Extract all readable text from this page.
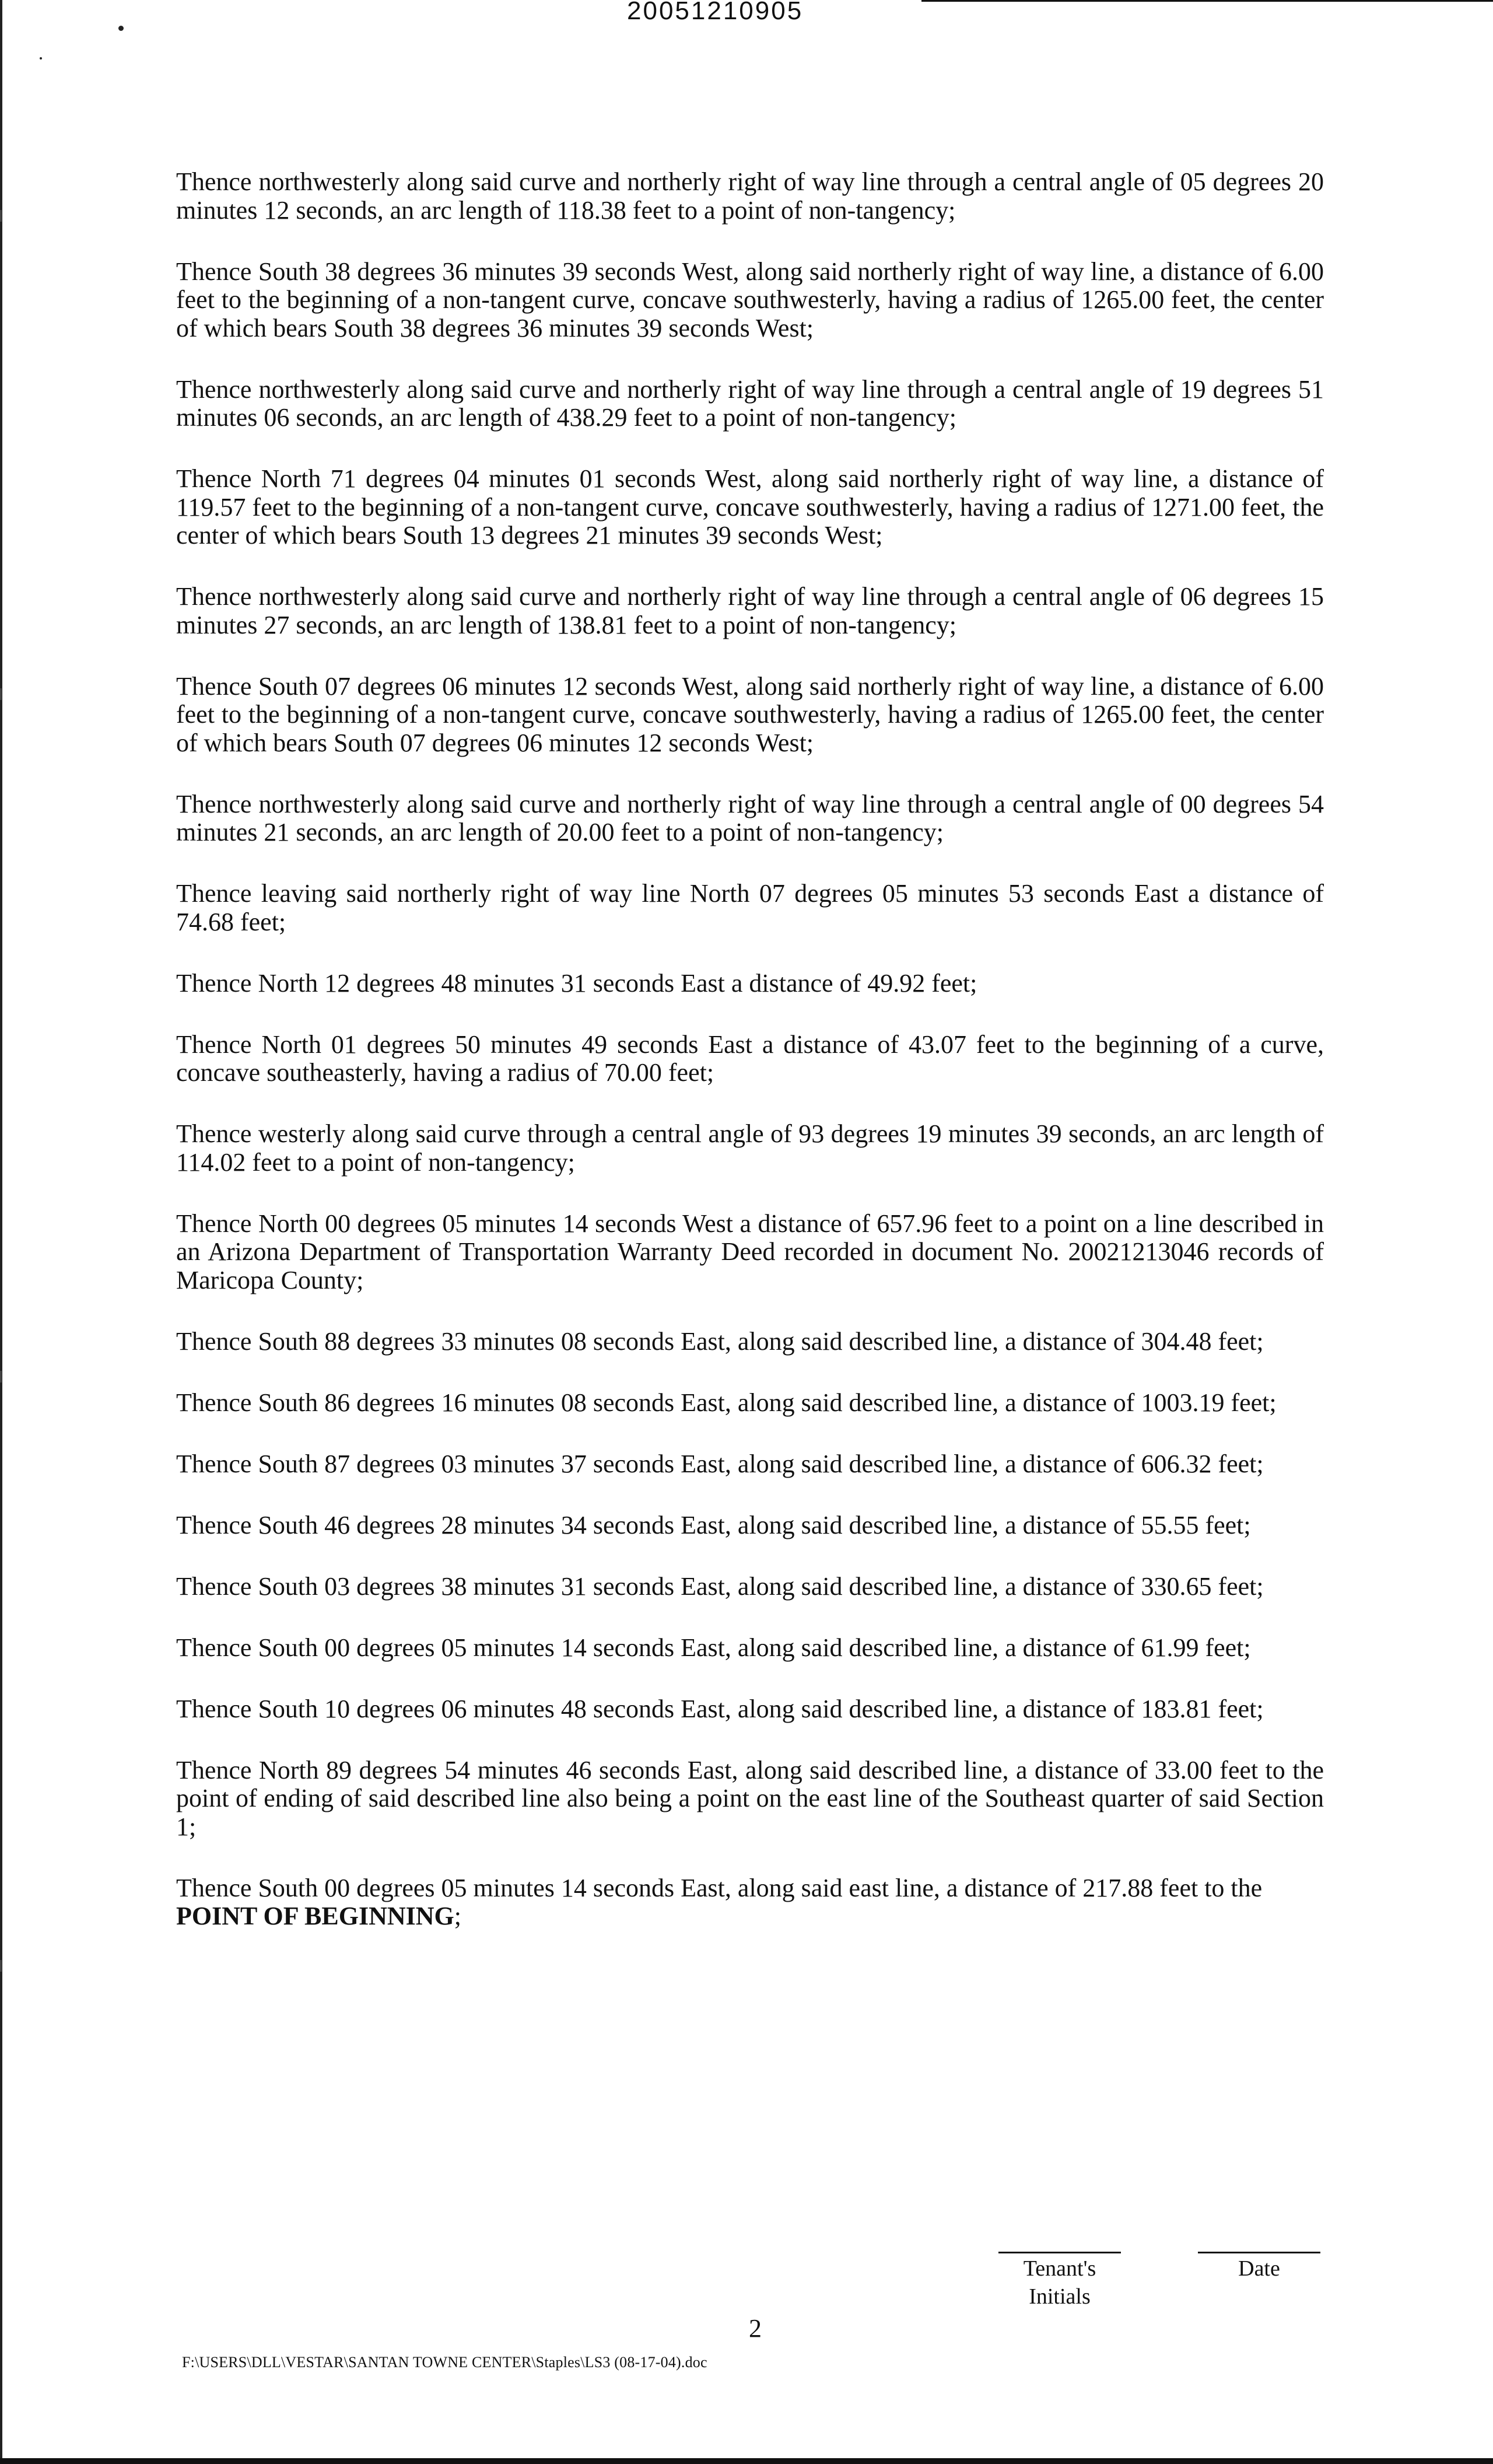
20051210905

Thence northwesterly along said curve and northerly right of way line through a central angle of 05 degrees 20 minutes 12 seconds, an arc length of 118.38 feet to a point of non-tangency;

Thence South 38 degrees 36 minutes 39 seconds West, along said northerly right of way line, a distance of 6.00 feet to the beginning of a non-tangent curve, concave southwesterly, having a radius of 1265.00 feet, the center of which bears South 38 degrees 36 minutes 39 seconds West;

Thence northwesterly along said curve and northerly right of way line through a central angle of 19 degrees 51 minutes 06 seconds, an arc length of 438.29 feet to a point of non-tangency;

Thence North 71 degrees 04 minutes 01 seconds West, along said northerly right of way line, a distance of 119.57 feet to the beginning of a non-tangent curve, concave southwesterly, having a radius of 1271.00 feet, the center of which bears South 13 degrees 21 minutes 39 seconds West;

Thence northwesterly along said curve and northerly right of way line through a central angle of 06 degrees 15 minutes 27 seconds, an arc length of 138.81 feet to a point of non-tangency;

Thence South 07 degrees 06 minutes 12 seconds West, along said northerly right of way line, a distance of 6.00 feet to the beginning of a non-tangent curve, concave southwesterly, having a radius of 1265.00 feet, the center of which bears South 07 degrees 06 minutes 12 seconds West;

Thence northwesterly along said curve and northerly right of way line through a central angle of 00 degrees 54 minutes 21 seconds, an arc length of 20.00 feet to a point of non-tangency;

Thence leaving said northerly right of way line North 07 degrees 05 minutes 53 seconds East a distance of 74.68 feet;

Thence North 12 degrees 48 minutes 31 seconds East a distance of 49.92 feet;

Thence North 01 degrees 50 minutes 49 seconds East a distance of 43.07 feet to the beginning of a curve, concave southeasterly, having a radius of 70.00 feet;

Thence westerly along said curve through a central angle of 93 degrees 19 minutes 39 seconds, an arc length of 114.02 feet to a point of non-tangency;

Thence North 00 degrees 05 minutes 14 seconds West a distance of 657.96 feet to a point on a line described in an Arizona Department of Transportation Warranty Deed recorded in document No. 20021213046 records of Maricopa County;

Thence South 88 degrees 33 minutes 08 seconds East, along said described line, a distance of 304.48 feet;

Thence South 86 degrees 16 minutes 08 seconds East, along said described line, a distance of 1003.19 feet;

Thence South 87 degrees 03 minutes 37 seconds East, along said described line, a distance of 606.32 feet;

Thence South 46 degrees 28 minutes 34 seconds East, along said described line, a distance of 55.55 feet;

Thence South 03 degrees 38 minutes 31 seconds East, along said described line, a distance of 330.65 feet;

Thence South 00 degrees 05 minutes 14 seconds East, along said described line, a distance of 61.99 feet;

Thence South 10 degrees 06 minutes 48 seconds East, along said described line, a distance of 183.81 feet;

Thence North 89 degrees 54 minutes 46 seconds East, along said described line, a distance of 33.00 feet to the point of ending of said described line also being a point on the east line of the Southeast quarter of said Section 1;

Thence South 00 degrees 05 minutes 14 seconds East, along said east line, a distance of 217.88 feet to the
POINT OF BEGINNING;

Tenant's
Initials
Date
2
F:\USERS\DLL\VESTAR\SANTAN TOWNE CENTER\Staples\LS3 (08-17-04).doc
